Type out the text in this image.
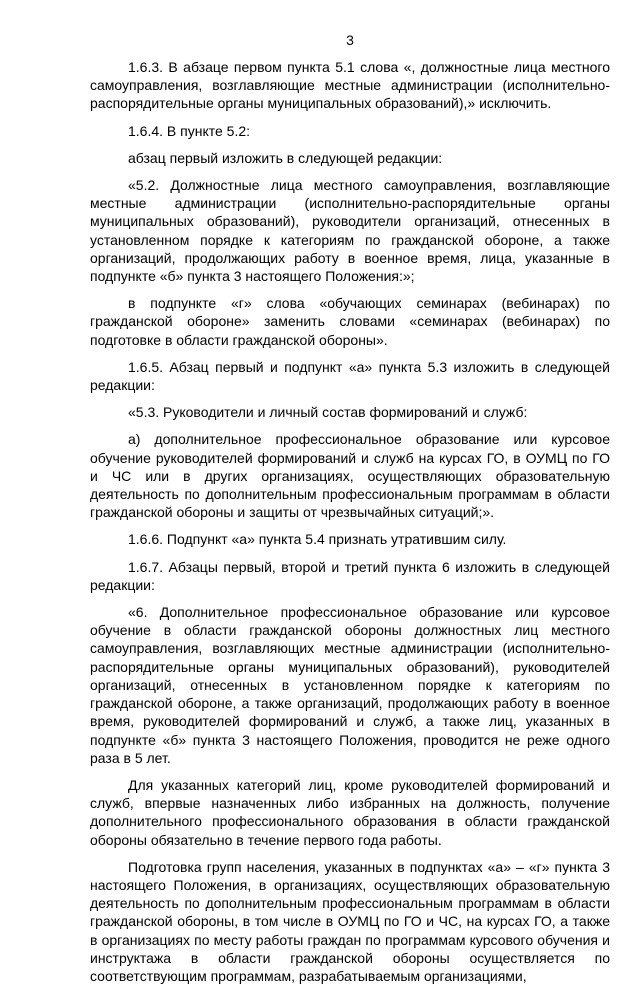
3

1.6.3. В абзаце первом пункта 5.1 слова «, должностные лица местного самоуправления, возглавляющие местные администрации (исполнительно-распорядительные органы муниципальных образований),» исключить.

1.6.4. В пункте 5.2:

абзац первый изложить в следующей редакции:

«5.2. Должностные лица местного самоуправления, возглавляющие местные администрации (исполнительно-распорядительные органы муниципальных образований), руководители организаций, отнесенных в установленном порядке к категориям по гражданской обороне, а также организаций, продолжающих работу в военное время, лица, указанные в подпункте «б» пункта 3 настоящего Положения:»;

в подпункте «г» слова «обучающих семинарах (вебинарах) по гражданской обороне» заменить словами «семинарах (вебинарах) по подготовке в области гражданской обороны».

1.6.5. Абзац первый и подпункт «а» пункта 5.3 изложить в следующей редакции:

«5.3. Руководители и личный состав формирований и служб:

а) дополнительное профессиональное образование или курсовое обучение руководителей формирований и служб на курсах ГО, в ОУМЦ по ГО и ЧС или в других организациях, осуществляющих образовательную деятельность по дополнительным профессиональным программам в области гражданской обороны и защиты от чрезвычайных ситуаций;».

1.6.6. Подпункт «а» пункта 5.4 признать утратившим силу.

1.6.7. Абзацы первый, второй и третий пункта 6 изложить в следующей редакции:

«6. Дополнительное профессиональное образование или курсовое обучение в области гражданской обороны должностных лиц местного самоуправления, возглавляющих местные администрации (исполнительно-распорядительные органы муниципальных образований), руководителей организаций, отнесенных в установленном порядке к категориям по гражданской обороне, а также организаций, продолжающих работу в военное время, руководителей формирований и служб, а также лиц, указанных в подпункте «б» пункта 3 настоящего Положения, проводится не реже одного раза в 5 лет.

Для указанных категорий лиц, кроме руководителей формирований и служб, впервые назначенных либо избранных на должность, получение дополнительного профессионального образования в области гражданской обороны обязательно в течение первого года работы.

Подготовка групп населения, указанных в подпунктах «а» – «г» пункта 3 настоящего Положения, в организациях, осуществляющих образовательную деятельность по дополнительным профессиональным программам в области гражданской обороны, в том числе в ОУМЦ по ГО и ЧС, на курсах ГО, а также в организациях по месту работы граждан по программам курсового обучения и инструктажа в области гражданской обороны осуществляется по соответствующим программам, разрабатываемым организациями,
